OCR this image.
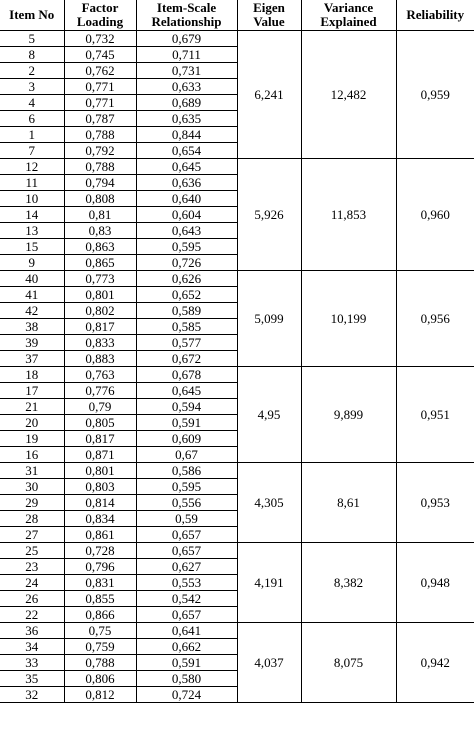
Item No	Factor Loading	Item-Scale Relationship	Eigen Value	Variance Explained	Reliability
5	0,732	0,679	6,241	12,482	0,959
8	0,745	0,711			
2	0,762	0,731			
3	0,771	0,633			
4	0,771	0,689			
6	0,787	0,635			
1	0,788	0,844			
7	0,792	0,654			
12	0,788	0,645	5,926	11,853	0,960
11	0,794	0,636			
10	0,808	0,640			
14	0,81	0,604			
13	0,83	0,643			
15	0,863	0,595			
9	0,865	0,726			
40	0,773	0,626	5,099	10,199	0,956
41	0,801	0,652			
42	0,802	0,589			
38	0,817	0,585			
39	0,833	0,577			
37	0,883	0,672			
18	0,763	0,678	4,95	9,899	0,951
17	0,776	0,645			
21	0,79	0,594			
20	0,805	0,591			
19	0,817	0,609			
16	0,871	0,67			
31	0,801	0,586	4,305	8,61	0,953
30	0,803	0,595			
29	0,814	0,556			
28	0,834	0,59			
27	0,861	0,657			
25	0,728	0,657	4,191	8,382	0,948
23	0,796	0,627			
24	0,831	0,553			
26	0,855	0,542			
22	0,866	0,657			
36	0,75	0,641	4,037	8,075	0,942
34	0,759	0,662			
33	0,788	0,591			
35	0,806	0,580			
32	0,812	0,724			
